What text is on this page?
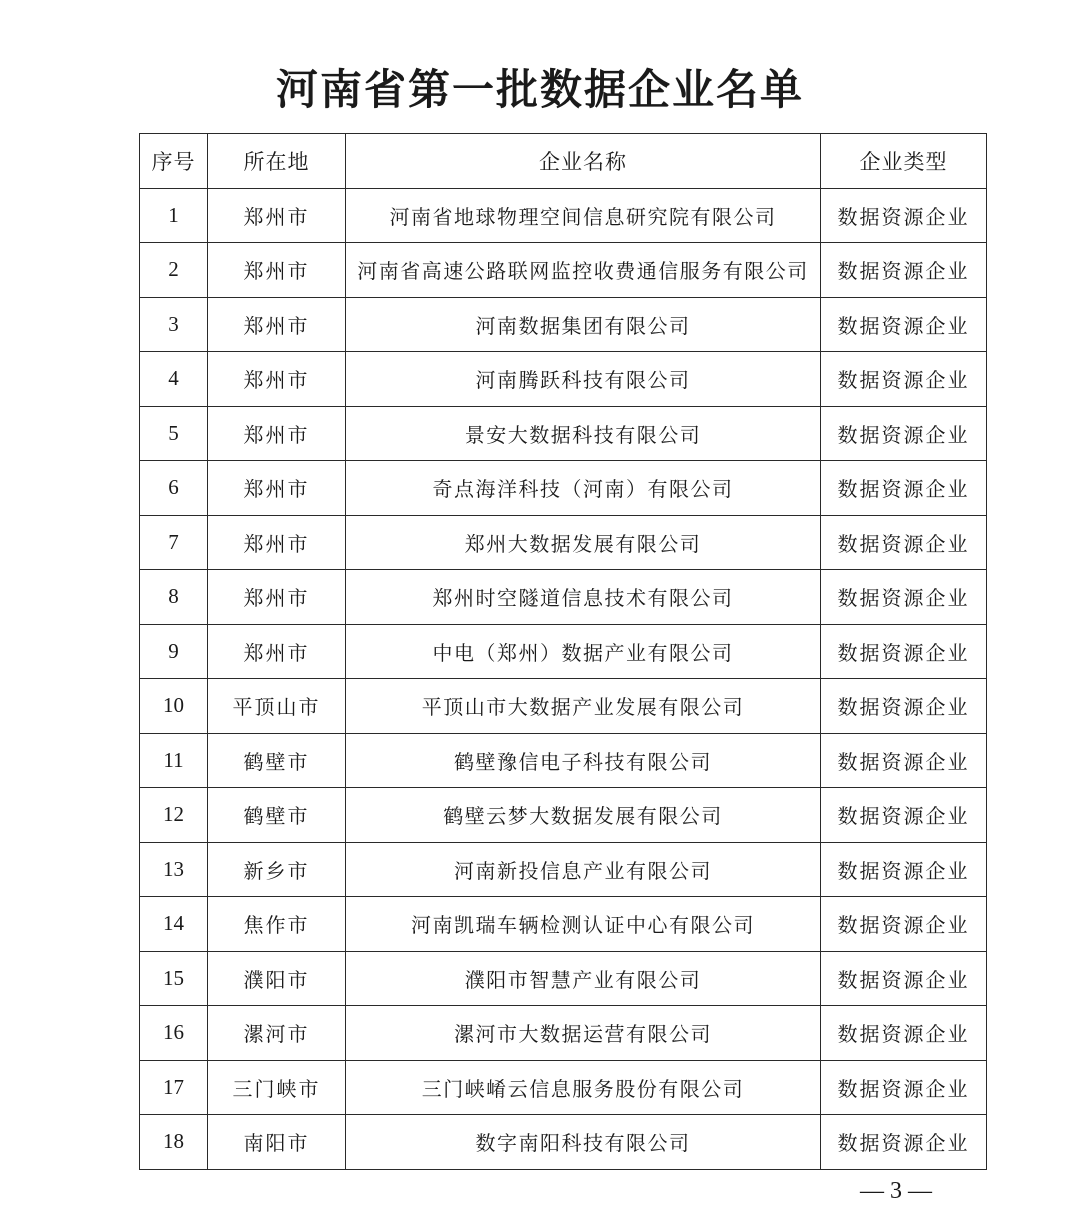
河南省第一批数据企业名单
序号	所在地	企业名称	企业类型
1	郑州市	河南省地球物理空间信息研究院有限公司	数据资源企业
2	郑州市	河南省高速公路联网监控收费通信服务有限公司	数据资源企业
3	郑州市	河南数据集团有限公司	数据资源企业
4	郑州市	河南腾跃科技有限公司	数据资源企业
5	郑州市	景安大数据科技有限公司	数据资源企业
6	郑州市	奇点海洋科技（河南）有限公司	数据资源企业
7	郑州市	郑州大数据发展有限公司	数据资源企业
8	郑州市	郑州时空隧道信息技术有限公司	数据资源企业
9	郑州市	中电（郑州）数据产业有限公司	数据资源企业
10	平顶山市	平顶山市大数据产业发展有限公司	数据资源企业
11	鹤壁市	鹤壁豫信电子科技有限公司	数据资源企业
12	鹤壁市	鹤壁云梦大数据发展有限公司	数据资源企业
13	新乡市	河南新投信息产业有限公司	数据资源企业
14	焦作市	河南凯瑞车辆检测认证中心有限公司	数据资源企业
15	濮阳市	濮阳市智慧产业有限公司	数据资源企业
16	漯河市	漯河市大数据运营有限公司	数据资源企业
17	三门峡市	三门峡崤云信息服务股份有限公司	数据资源企业
18	南阳市	数字南阳科技有限公司	数据资源企业
— 3 —
